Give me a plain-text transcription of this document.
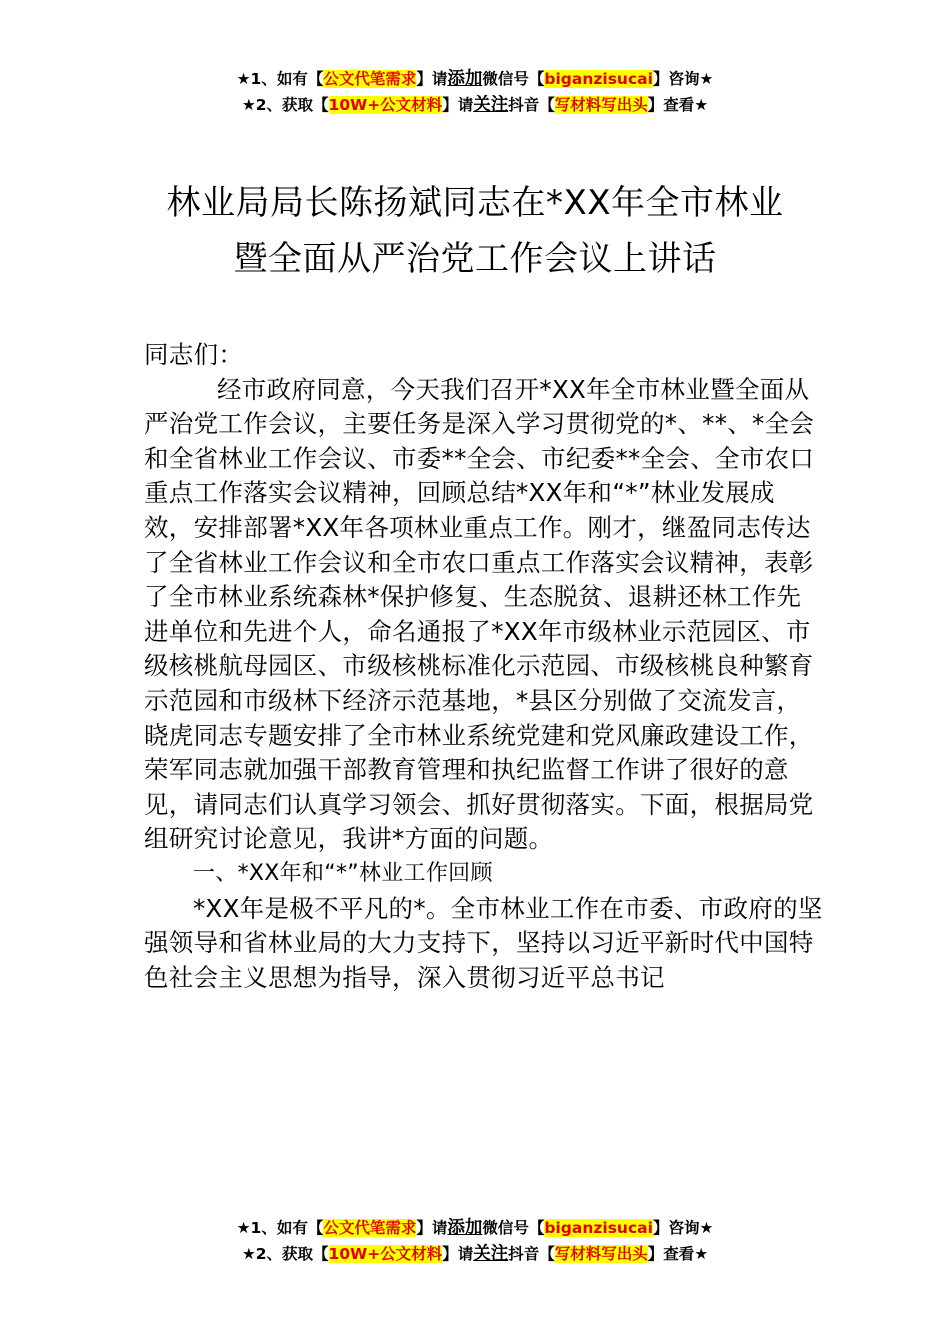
★1、如有【公文代笔需求】请添加微信号【biganzisucai】咨询★
★2、获取【10W+公文材料】请关注抖音【写材料写出头】查看★
林业局局长陈扬斌同志在*XX年全市林业
暨全面从严治党工作会议上讲话

同志们：

经市政府同意，今天我们召开*XX年全市林业暨全面从严治党工作会议，主要任务是深入学习贯彻党的*、**、*全会和全省林业工作会议、市委**全会、市纪委**全会、全市农口重点工作落实会议精神，回顾总结*XX年和“*”林业发展成效，安排部署*XX年各项林业重点工作。刚才，继盈同志传达了全省林业工作会议和全市农口重点工作落实会议精神，表彰了全市林业系统森林*保护修复、生态脱贫、退耕还林工作先进单位和先进个人，命名通报了*XX年市级林业示范园区、市级核桃航母园区、市级核桃标准化示范园、市级核桃良种繁育示范园和市级林下经济示范基地，*县区分别做了交流发言，晓虎同志专题安排了全市林业系统党建和党风廉政建设工作，荣军同志就加强干部教育管理和执纪监督工作讲了很好的意见，请同志们认真学习领会、抓好贯彻落实。下面，根据局党组研究讨论意见，我讲*方面的问题。

一、*XX年和“*”林业工作回顾

*XX年是极不平凡的*。全市林业工作在市委、市政府的坚强领导和省林业局的大力支持下，坚持以习近平新时代中国特色社会主义思想为指导，深入贯彻习近平总书记

★1、如有【公文代笔需求】请添加微信号【biganzisucai】咨询★
★2、获取【10W+公文材料】请关注抖音【写材料写出头】查看★
